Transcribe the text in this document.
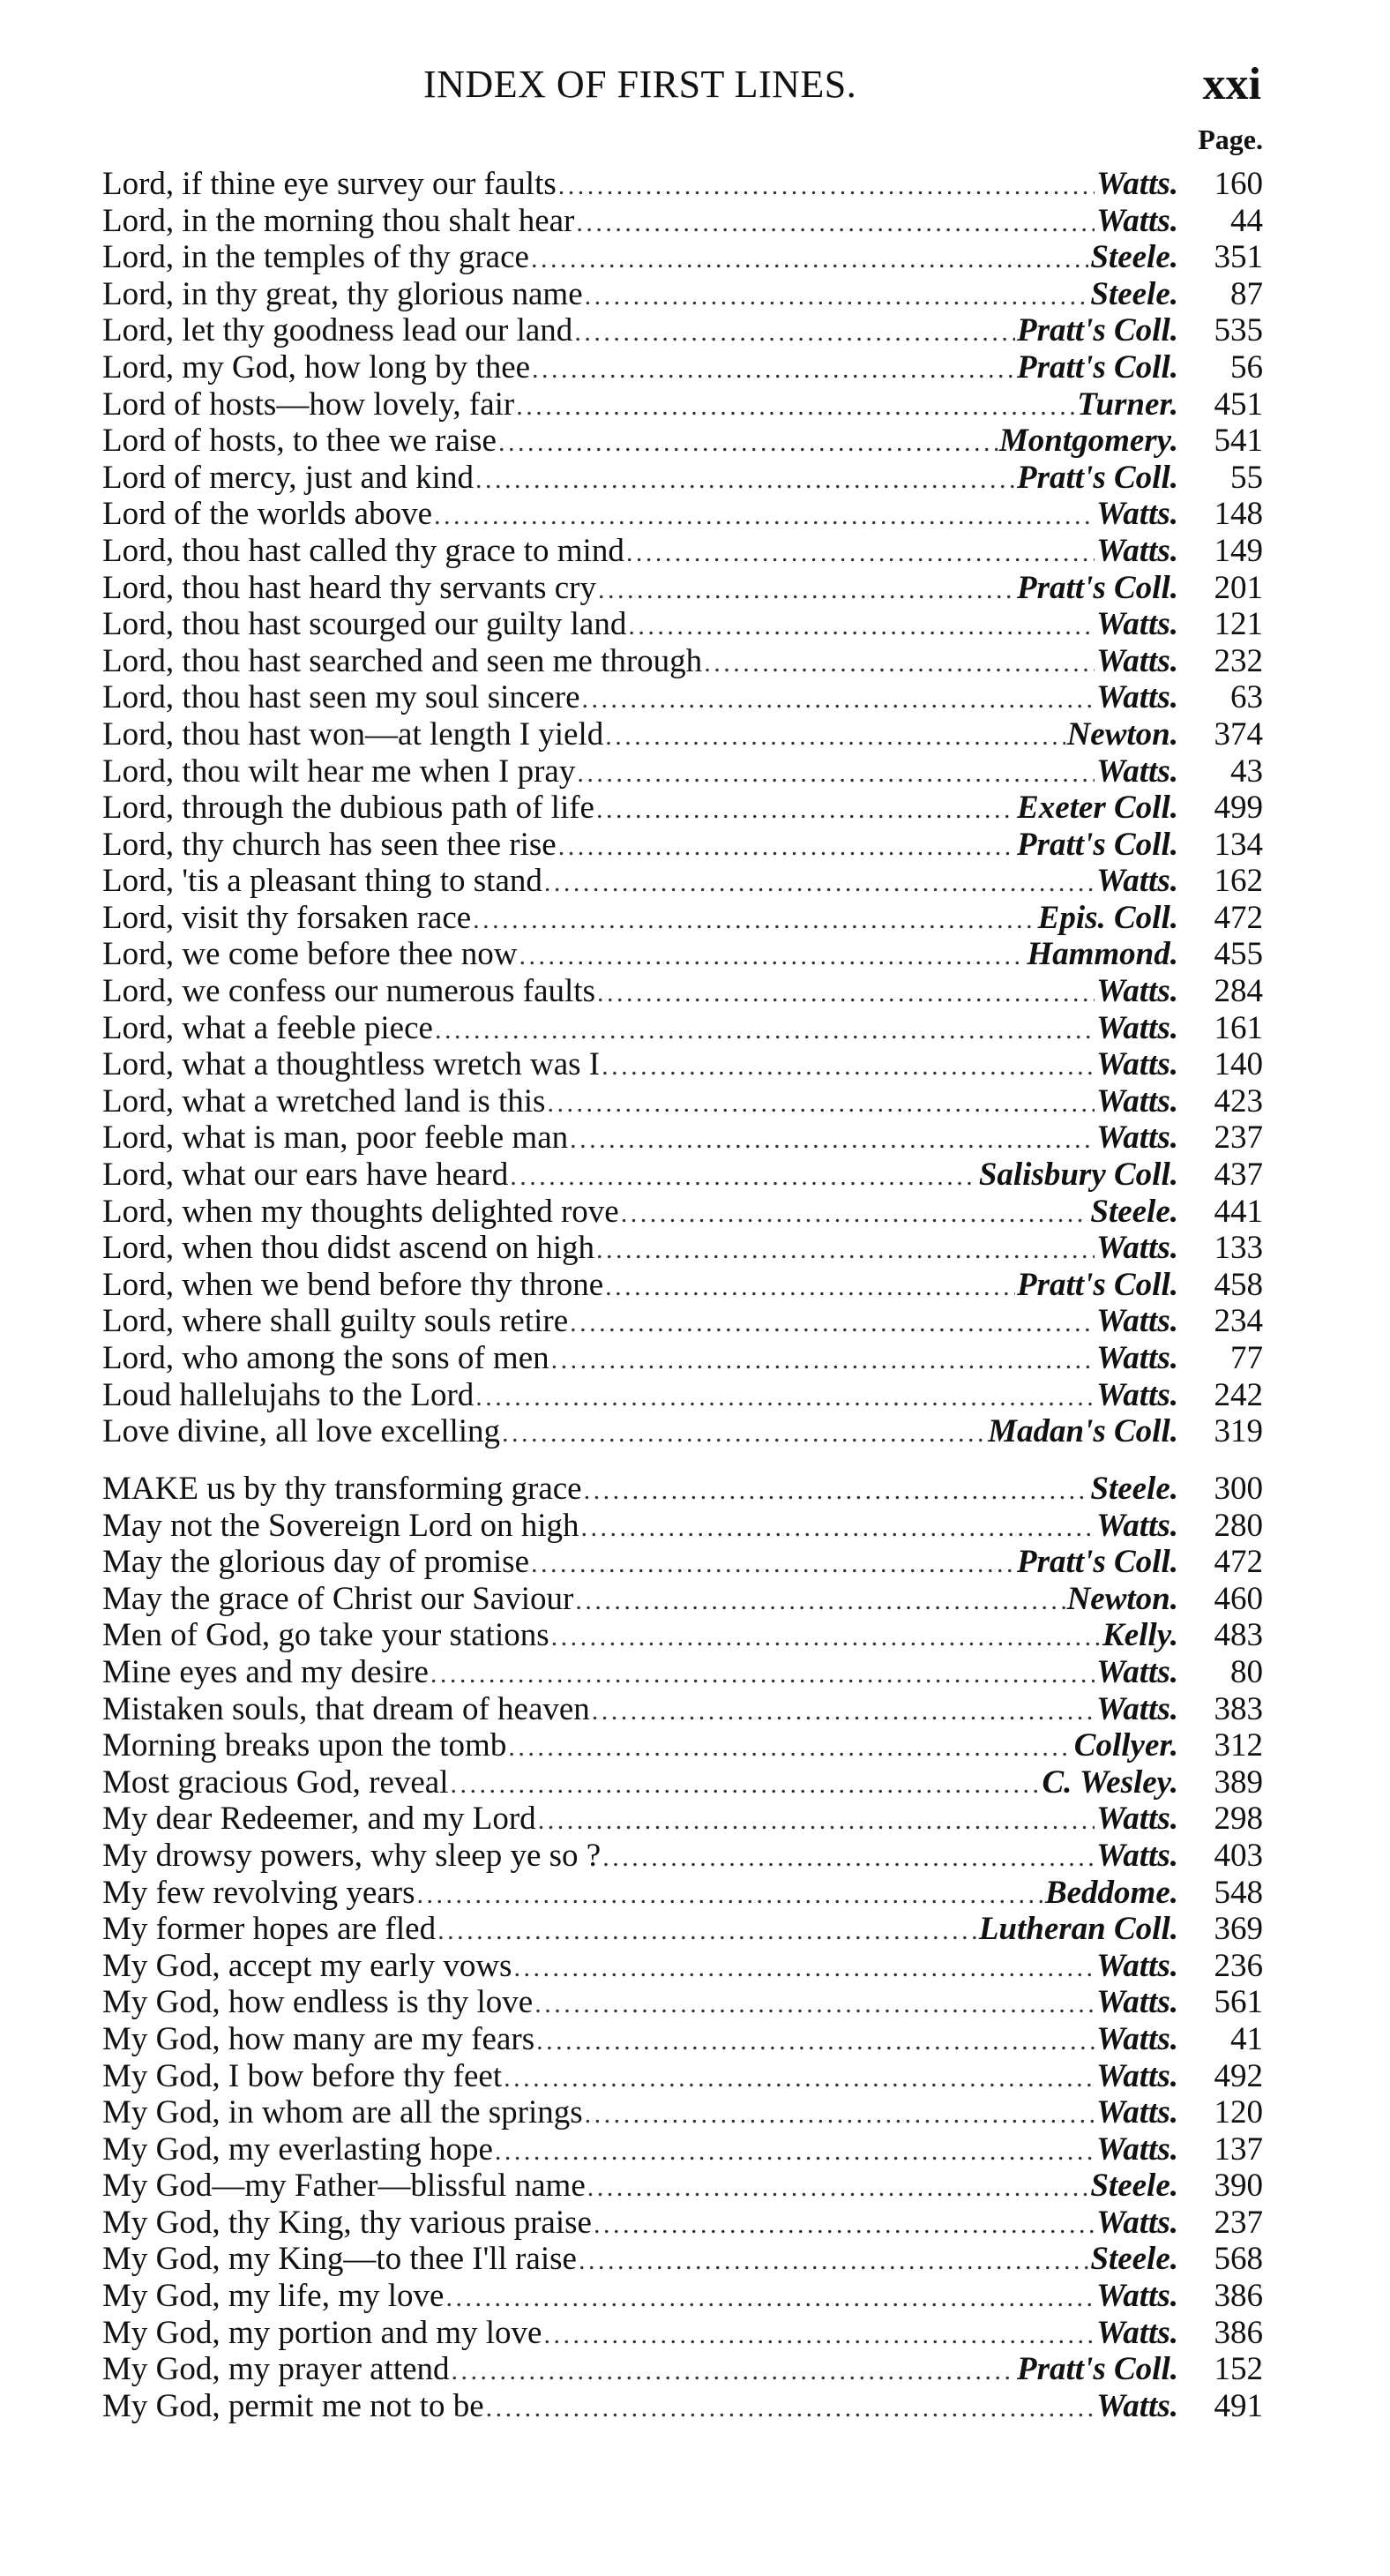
INDEX OF FIRST LINES.	xxi
Page.
Lord, if thine eye survey our faults . . .	Watts.	160
Lord, in the morning thou shalt hear . . .	Watts.	44
Lord, in the temples of thy grace . . .	Steele.	351
Lord, in thy great, thy glorious name . . .	Steele.	87
Lord, let thy goodness lead our land . . .	Pratt's Coll.	535
Lord, my God, how long by thee . . .	Pratt's Coll.	56
Lord of hosts—how lovely, fair . . .	Turner.	451
Lord of hosts, to thee we raise . . .	Montgomery.	541
Lord of mercy, just and kind . . .	Pratt's Coll.	55
Lord of the worlds above . . .	Watts.	148
Lord, thou hast called thy grace to mind . . .	Watts.	149
Lord, thou hast heard thy servants cry . . .	Pratt's Coll.	201
Lord, thou hast scourged our guilty land . . .	Watts.	121
Lord, thou hast searched and seen me through . . .	Watts.	232
Lord, thou hast seen my soul sincere . . .	Watts.	63
Lord, thou hast won—at length I yield . . .	Newton.	374
Lord, thou wilt hear me when I pray . . .	Watts.	43
Lord, through the dubious path of life . . .	Exeter Coll.	499
Lord, thy church has seen thee rise . . .	Pratt's Coll.	134
Lord, 'tis a pleasant thing to stand . . .	Watts.	162
Lord, visit thy forsaken race . . .	Epis. Coll.	472
Lord, we come before thee now . . .	Hammond.	455
Lord, we confess our numerous faults . . .	Watts.	284
Lord, what a feeble piece . . .	Watts.	161
Lord, what a thoughtless wretch was I . . .	Watts.	140
Lord, what a wretched land is this . . .	Watts.	423
Lord, what is man, poor feeble man . . .	Watts.	237
Lord, what our ears have heard . . .	Salisbury Coll.	437
Lord, when my thoughts delighted rove . . .	Steele.	441
Lord, when thou didst ascend on high . . .	Watts.	133
Lord, when we bend before thy throne . . .	Pratt's Coll.	458
Lord, where shall guilty souls retire . . .	Watts.	234
Lord, who among the sons of men . . .	Watts.	77
Loud hallelujahs to the Lord . . .	Watts.	242
Love divine, all love excelling . . .	Madan's Coll.	319
MAKE us by thy transforming grace . . .	Steele.	300
May not the Sovereign Lord on high . . .	Watts.	280
May the glorious day of promise . . .	Pratt's Coll.	472
May the grace of Christ our Saviour . . .	Newton.	460
Men of God, go take your stations . . .	Kelly.	483
Mine eyes and my desire . . .	Watts.	80
Mistaken souls, that dream of heaven . . .	Watts.	383
Morning breaks upon the tomb . . .	Collyer.	312
Most gracious God, reveal . . .	C. Wesley.	389
My dear Redeemer, and my Lord . . .	Watts.	298
My drowsy powers, why sleep ye so ? . . .	Watts.	403
My few revolving years . . .	Beddome.	548
My former hopes are fled . . .	Lutheran Coll.	369
My God, accept my early vows . . .	Watts.	236
My God, how endless is thy love . . .	Watts.	561
My God, how many are my fears . . .	Watts.	41
My God, I bow before thy feet . . .	Watts.	492
My God, in whom are all the springs . . .	Watts.	120
My God, my everlasting hope . . .	Watts.	137
My God—my Father—blissful name . . .	Steele.	390
My God, thy King, thy various praise . . .	Watts.	237
My God, my King—to thee I'll raise . . .	Steele.	568
My God, my life, my love . . .	Watts.	386
My God, my portion and my love . . .	Watts.	386
My God, my prayer attend . . .	Pratt's Coll.	152
My God, permit me not to be . . .	Watts.	491
